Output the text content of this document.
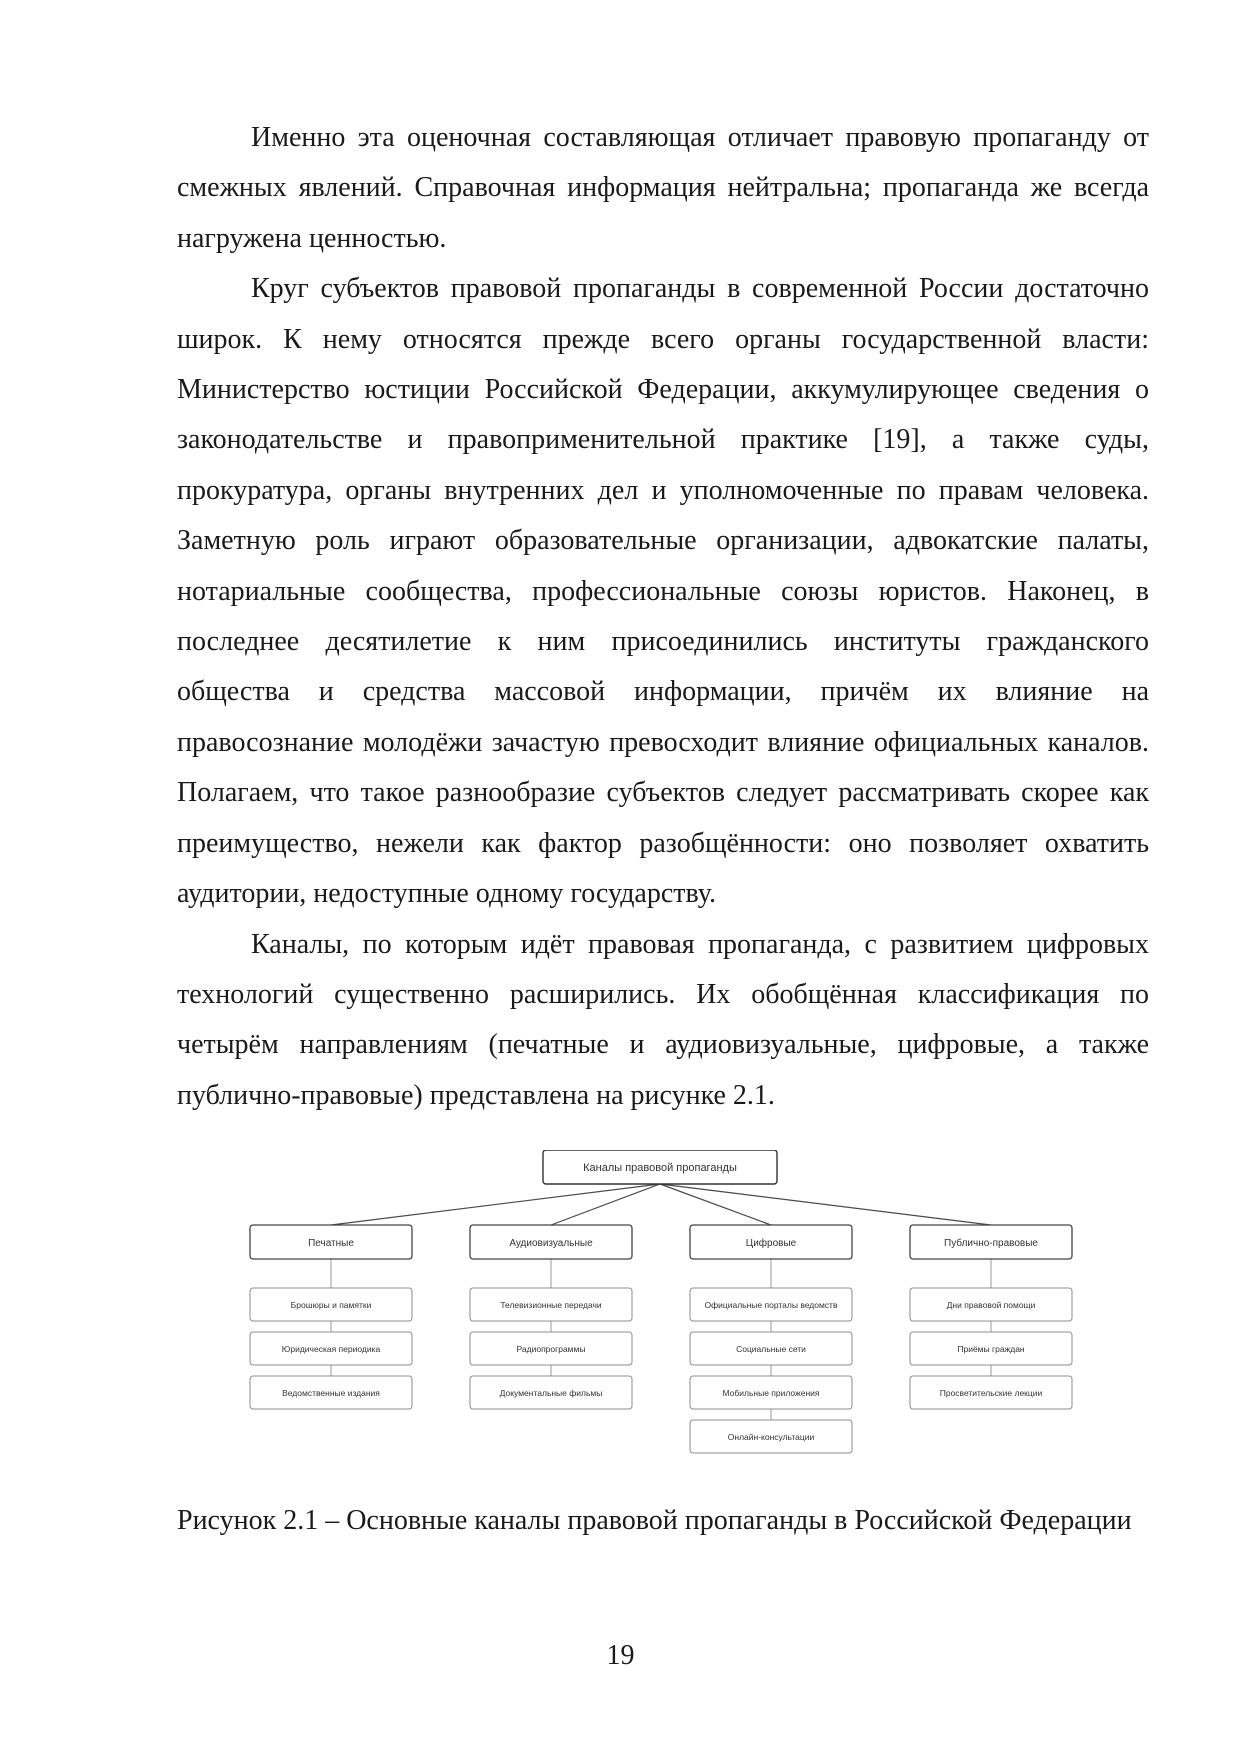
Именно эта оценочная составляющая отличает правовую пропаганду от смежных явлений. Справочная информация нейтральна; пропаганда же всегда нагружена ценностью.

Круг субъектов правовой пропаганды в современной России достаточно широк. К нему относятся прежде всего органы государственной власти: Министерство юстиции Российской Федерации, аккумулирующее сведения о законодательстве и правоприменительной практике [19], а также суды, прокуратура, органы внутренних дел и уполномоченные по правам человека. Заметную роль играют образовательные организации, адвокатские палаты, нотариальные сообщества, профессиональные союзы юристов. Наконец, в последнее десятилетие к ним присоединились институты гражданского общества и средства массовой информации, причём их влияние на правосознание молодёжи зачастую превосходит влияние официальных каналов. Полагаем, что такое разнообразие субъектов следует рассматривать скорее как преимущество, нежели как фактор разобщённости: оно позволяет охватить аудитории, недоступные одному государству.

Каналы, по которым идёт правовая пропаганда, с развитием цифровых технологий существенно расширились. Их обобщённая классификация по четырём направлениям (печатные и аудиовизуальные, цифровые, а также публично-правовые) представлена на рисунке 2.1.

Каналы правовой пропаганды
Печатные
Брошюры и памятки
Юридическая периодика
Ведомственные издания
Аудиовизуальные
Телевизионные передачи
Радиопрограммы
Документальные фильмы
Цифровые
Официальные порталы ведомств
Социальные сети
Мобильные приложения
Онлайн-консультации
Публично-правовые
Дни правовой помощи
Приёмы граждан
Просветительские лекции

Рисунок 2.1 – Основные каналы правовой пропаганды в Российской Федерации

19
